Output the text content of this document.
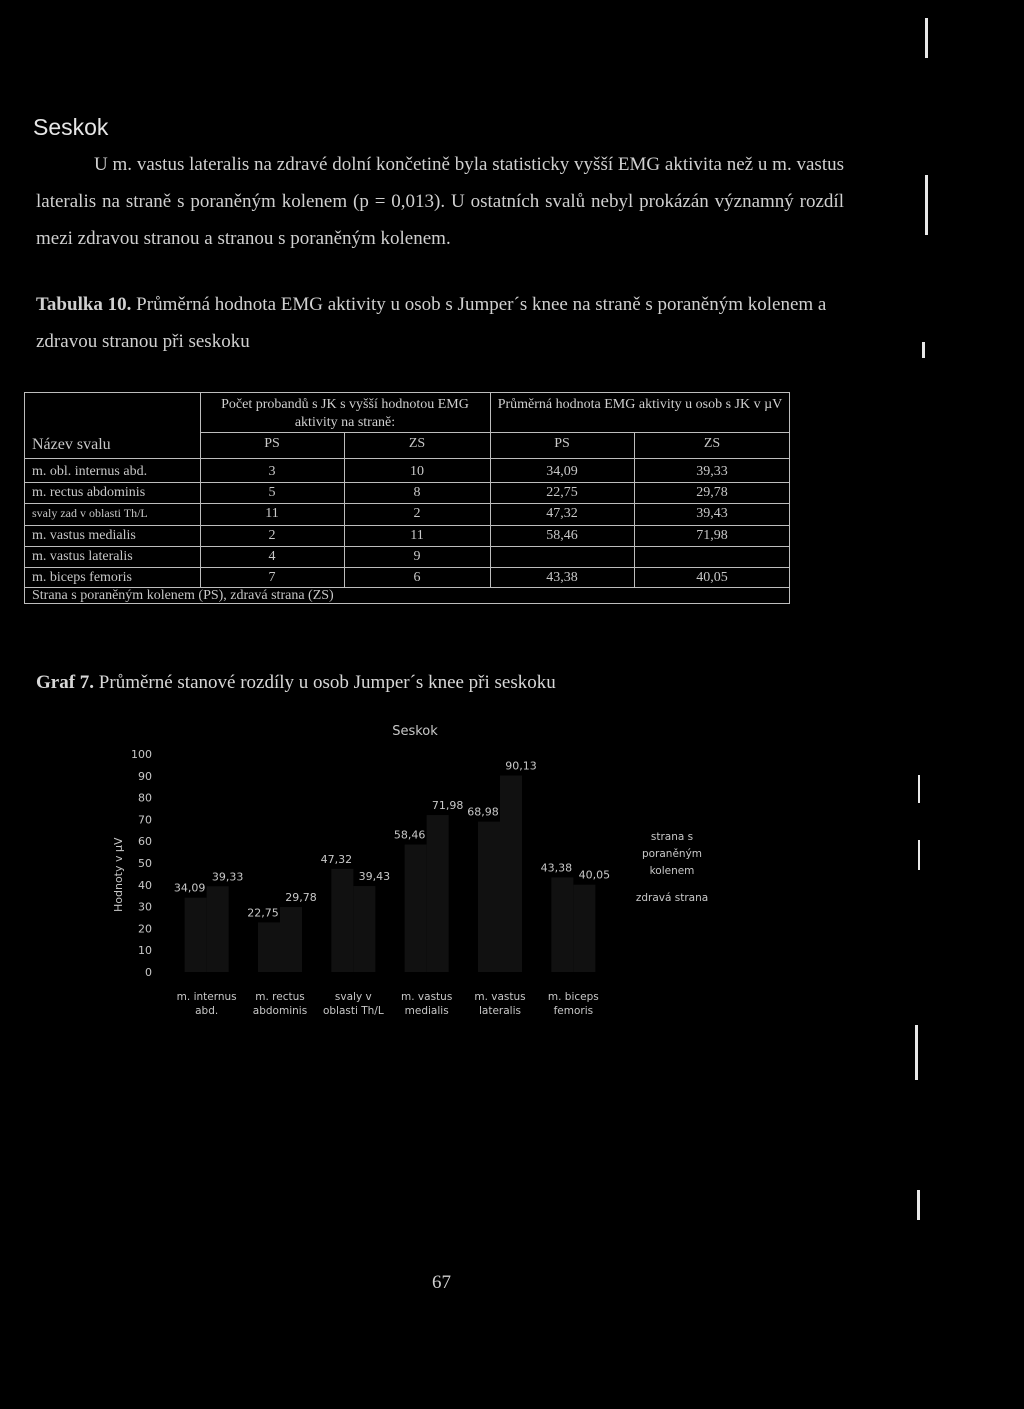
Seskok
U m. vastus lateralis na zdravé dolní končetině byla statisticky vyšší EMG aktivita než u m. vastus lateralis na straně s poraněným kolenem (p = 0,013). U ostatních svalů nebyl prokázán významný rozdíl mezi zdravou stranou a stranou s poraněným kolenem.
Tabulka 10. Průměrná hodnota EMG aktivity u osob s Jumper´s knee na straně s poraněným kolenem a zdravou stranou při seskoku
Počet probandů s JK s vyšší hodnotou EMG aktivity na straně:
Průměrná hodnota EMG aktivity u osob s JK v µV
Název svalu	PS	ZS	PS	ZS
m. obl. internus abd.	3	10	34,09	39,33
m. rectus abdominis	5	8	22,75	29,78
svaly zad v oblasti Th/L	11	2	47,32	39,43
m. vastus medialis	2	11	58,46	71,98
m. vastus lateralis	4	9
m. biceps femoris	7	6	43,38	40,05
Strana s poraněným kolenem (PS), zdravá strana (ZS)
Graf 7. Průměrné stanové rozdíly u osob Jumper´s knee při seskoku
Seskok
Hodnoty v µV
0
10
20
30
40
50
60
70
80
90
100
34,09
39,33
22,75
29,78
47,32
39,43
58,46
71,98
68,98
90,13
43,38
40,05
m. internus
abd.
m. rectus
abdominis
svaly v
oblasti Th/L
m. vastus
medialis
m. vastus
lateralis
m. biceps
femoris
strana s
poraněným
kolenem
zdravá strana
67
